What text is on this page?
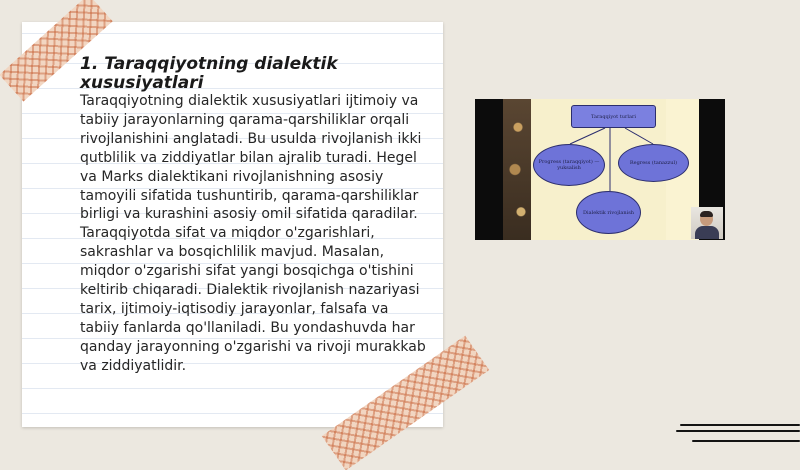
1. Taraqqiyotning dialektik xususiyatlari

Taraqqiyotning dialektik xususiyatlari ijtimoiy va tabiiy jarayonlarning qarama-qarshiliklar orqali rivojlanishini anglatadi. Bu usulda rivojlanish ikki qutblilik va ziddiyatlar bilan ajralib turadi. Hegel va Marks dialektikani rivojlanishning asosiy tamoyili sifatida tushuntirib, qarama-qarshiliklar birligi va kurashini asosiy omil sifatida qaradilar. Taraqqiyotda sifat va miqdor o'zgarishlari, sakrashlar va bosqichlilik mavjud. Masalan, miqdor o'zgarishi sifat yangi bosqichga o'tishini keltirib chiqaradi. Dialektik rivojlanish nazariyasi tarix, ijtimoiy-iqtisodiy jarayonlar, falsafa va tabiiy fanlarda qo'llaniladi. Bu yondashuvda har qanday jarayonning o'zgarishi va rivoji murakkab va ziddiyatlidir.

Taraqqiyot turlari
Progress (taraqqiyot) — yuksalish
Regress (tanazzul)
Dialektik rivojlanish
